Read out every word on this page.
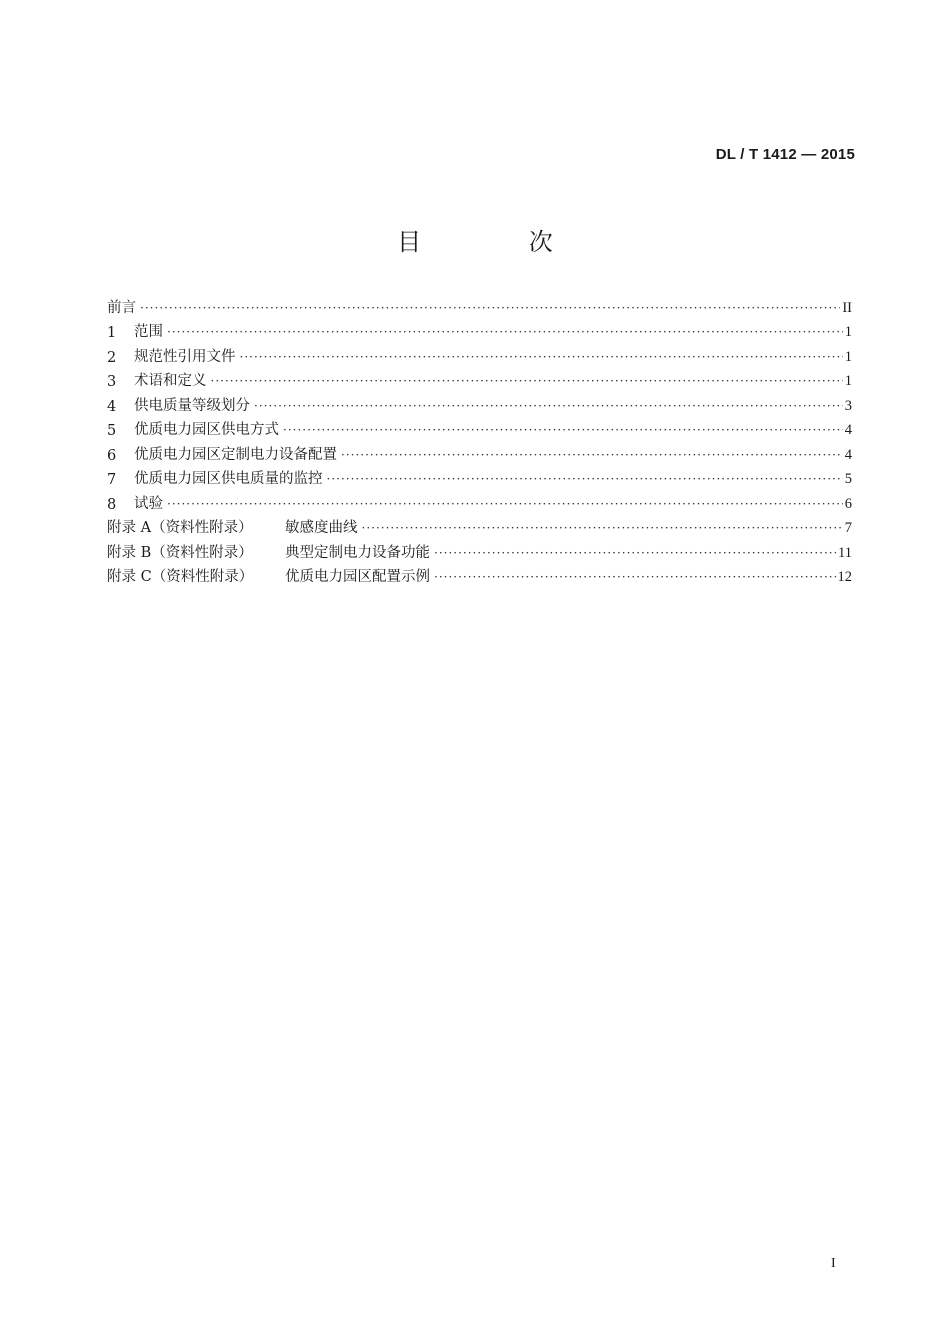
DL / T 1412 — 2015
目 次
前言 ·····	II
1	范围 ·····	1
2	规范性引用文件 ·····	1
3	术语和定义 ·····	1
4	供电质量等级划分 ·····	3
5	优质电力园区供电方式 ·····	4
6	优质电力园区定制电力设备配置 ·····	4
7	优质电力园区供电质量的监控 ·····	5
8	试验 ·····	6
附录 A（资料性附录）	敏感度曲线 ·····	7
附录 B（资料性附录）	典型定制电力设备功能 ·····	11
附录 C（资料性附录）	优质电力园区配置示例 ·····	12
I
